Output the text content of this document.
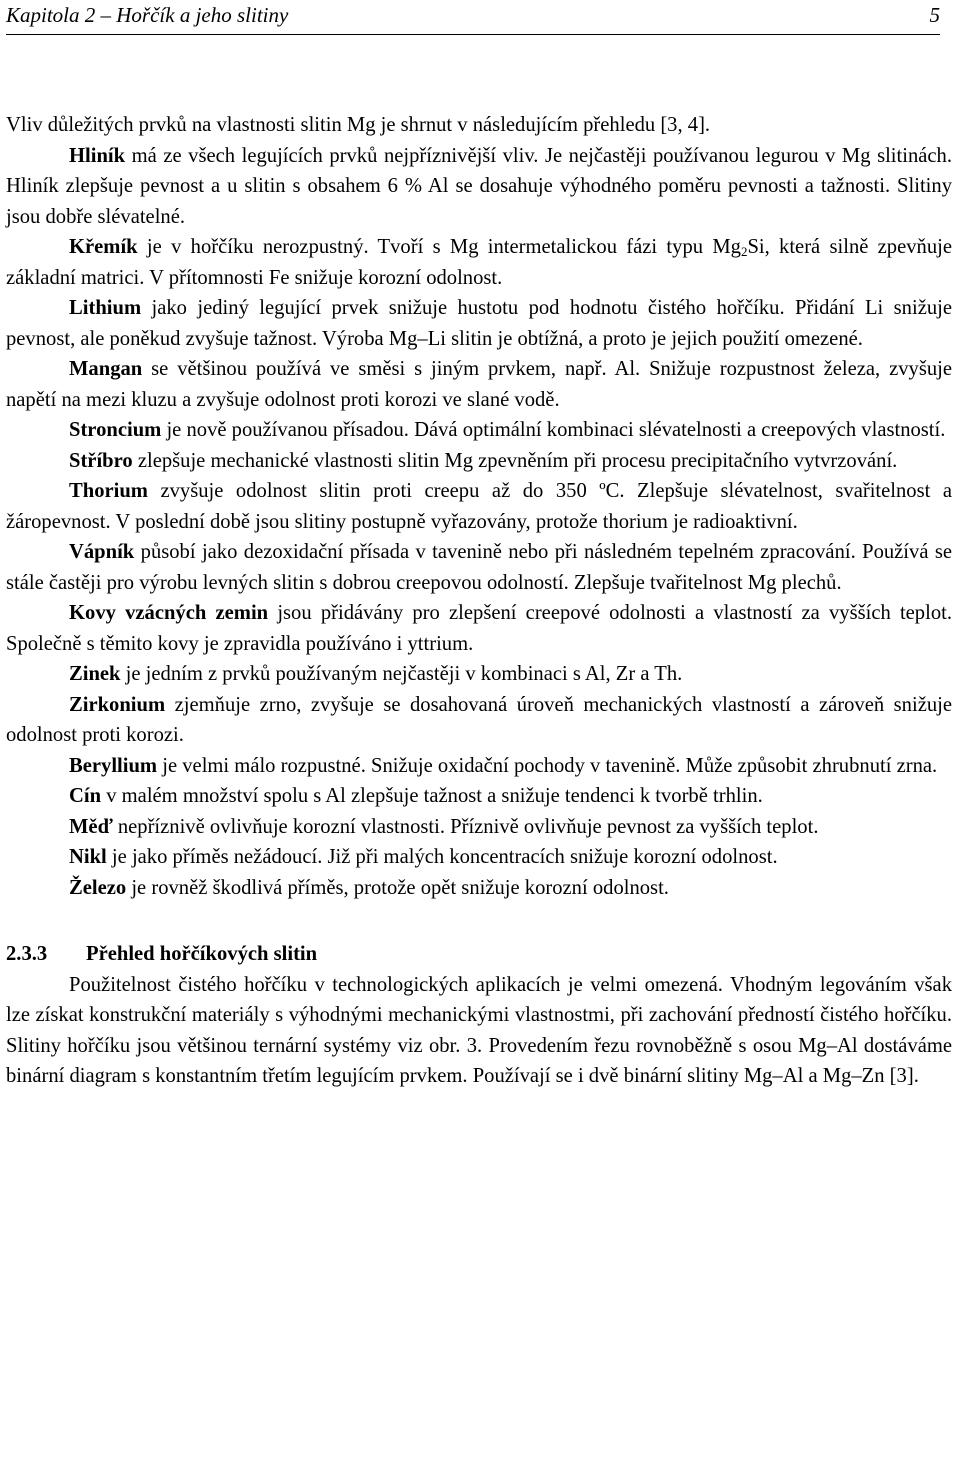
Kapitola 2 – Hořčík a jeho slitiny	5

Vliv důležitých prvků na vlastnosti slitin Mg je shrnut v následujícím přehledu [3, 4].

Hliník má ze všech legujících prvků nejpříznivější vliv. Je nejčastěji používanou legurou v Mg slitinách. Hliník zlepšuje pevnost a u slitin s obsahem 6 % Al se dosahuje výhodného poměru pevnosti a tažnosti. Slitiny jsou dobře slévatelné.

Křemík je v hořčíku nerozpustný. Tvoří s Mg intermetalickou fázi typu $Mg_2Si$, která silně zpevňuje základní matrici. V přítomnosti Fe snižuje korozní odolnost.

Lithium jako jediný legující prvek snižuje hustotu pod hodnotu čistého hořčíku. Přidání Li snižuje pevnost, ale poněkud zvyšuje tažnost. Výroba Mg–Li slitin je obtížná, a proto je jejich použití omezené.

Mangan se většinou používá ve směsi s jiným prvkem, např. Al. Snižuje rozpustnost železa, zvyšuje napětí na mezi kluzu a zvyšuje odolnost proti korozi ve slané vodě.

Stroncium je nově používanou přísadou. Dává optimální kombinaci slévatelnosti a creepových vlastností.

Stříbro zlepšuje mechanické vlastnosti slitin Mg zpevněním při procesu precipitačního vytvrzování.

Thorium zvyšuje odolnost slitin proti creepu až do 350 ºC. Zlepšuje slévatelnost, svařitelnost a žáropevnost. V poslední době jsou slitiny postupně vyřazovány, protože thorium je radioaktivní.

Vápník působí jako dezoxidační přísada v tavenině nebo při následném tepelném zpracování. Používá se stále častěji pro výrobu levných slitin s dobrou creepovou odolností. Zlepšuje tvařitelnost Mg plechů.

Kovy vzácných zemin jsou přidávány pro zlepšení creepové odolnosti a vlastností za vyšších teplot. Společně s těmito kovy je zpravidla používáno i yttrium.

Zinek je jedním z prvků používaným nejčastěji v kombinaci s Al, Zr a Th.

Zirkonium zjemňuje zrno, zvyšuje se dosahovaná úroveň mechanických vlastností a zároveň snižuje odolnost proti korozi.

Beryllium je velmi málo rozpustné. Snižuje oxidační pochody v tavenině. Může způsobit zhrubnutí zrna.

Cín v malém množství spolu s Al zlepšuje tažnost a snižuje tendenci k tvorbě trhlin.

Měď nepříznivě ovlivňuje korozní vlastnosti. Příznivě ovlivňuje pevnost za vyšších teplot.

Nikl je jako příměs nežádoucí. Již při malých koncentracích snižuje korozní odolnost.

Železo je rovněž škodlivá příměs, protože opět snižuje korozní odolnost.

2.3.3 Přehled hořčíkových slitin

Použitelnost čistého hořčíku v technologických aplikacích je velmi omezená. Vhodným legováním však lze získat konstrukční materiály s výhodnými mechanickými vlastnostmi, při zachování předností čistého hořčíku. Slitiny hořčíku jsou většinou ternární systémy viz obr. 3. Provedením řezu rovnoběžně s osou Mg–Al dostáváme binární diagram s konstantním třetím legujícím prvkem. Používají se i dvě binární slitiny Mg–Al a Mg–Zn [3].
